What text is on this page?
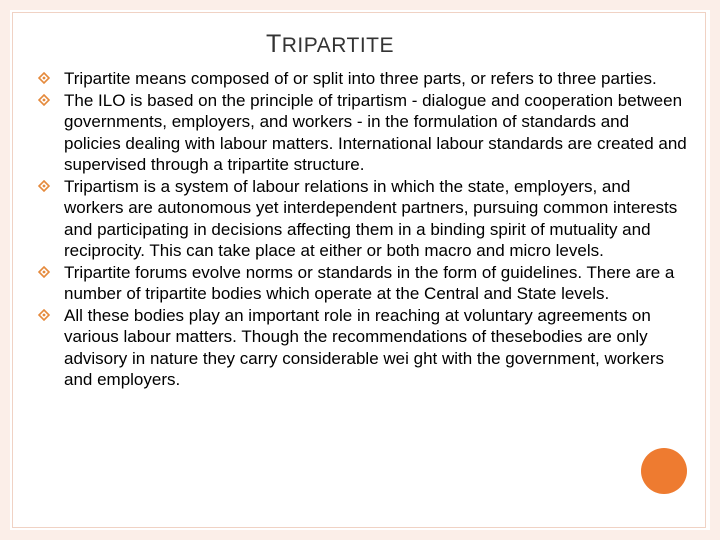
TRIPARTITE
Tripartite means composed of or split into three parts, or refers to three parties.
The ILO is based on the principle of tripartism - dialogue and cooperation between governments, employers, and workers - in the formulation of standards and policies dealing with labour matters. International labour standards are created and supervised through a tripartite structure.
Tripartism is a system of labour relations in which the state, employers, and workers are autonomous yet interdependent partners, pursuing common interests and participating in decisions affecting them in a binding spirit of mutuality and reciprocity. This can take place at either or both macro and micro levels.
Tripartite forums evolve norms or standards in the form of guidelines. There are a number of tripartite bodies which operate at the Central and State levels.
All these bodies play an important role in reaching at voluntary agreements on various labour matters. Though the recommendations of thesebodies are only advisory in nature they carry considerable wei ght with the government, workers and employers.
